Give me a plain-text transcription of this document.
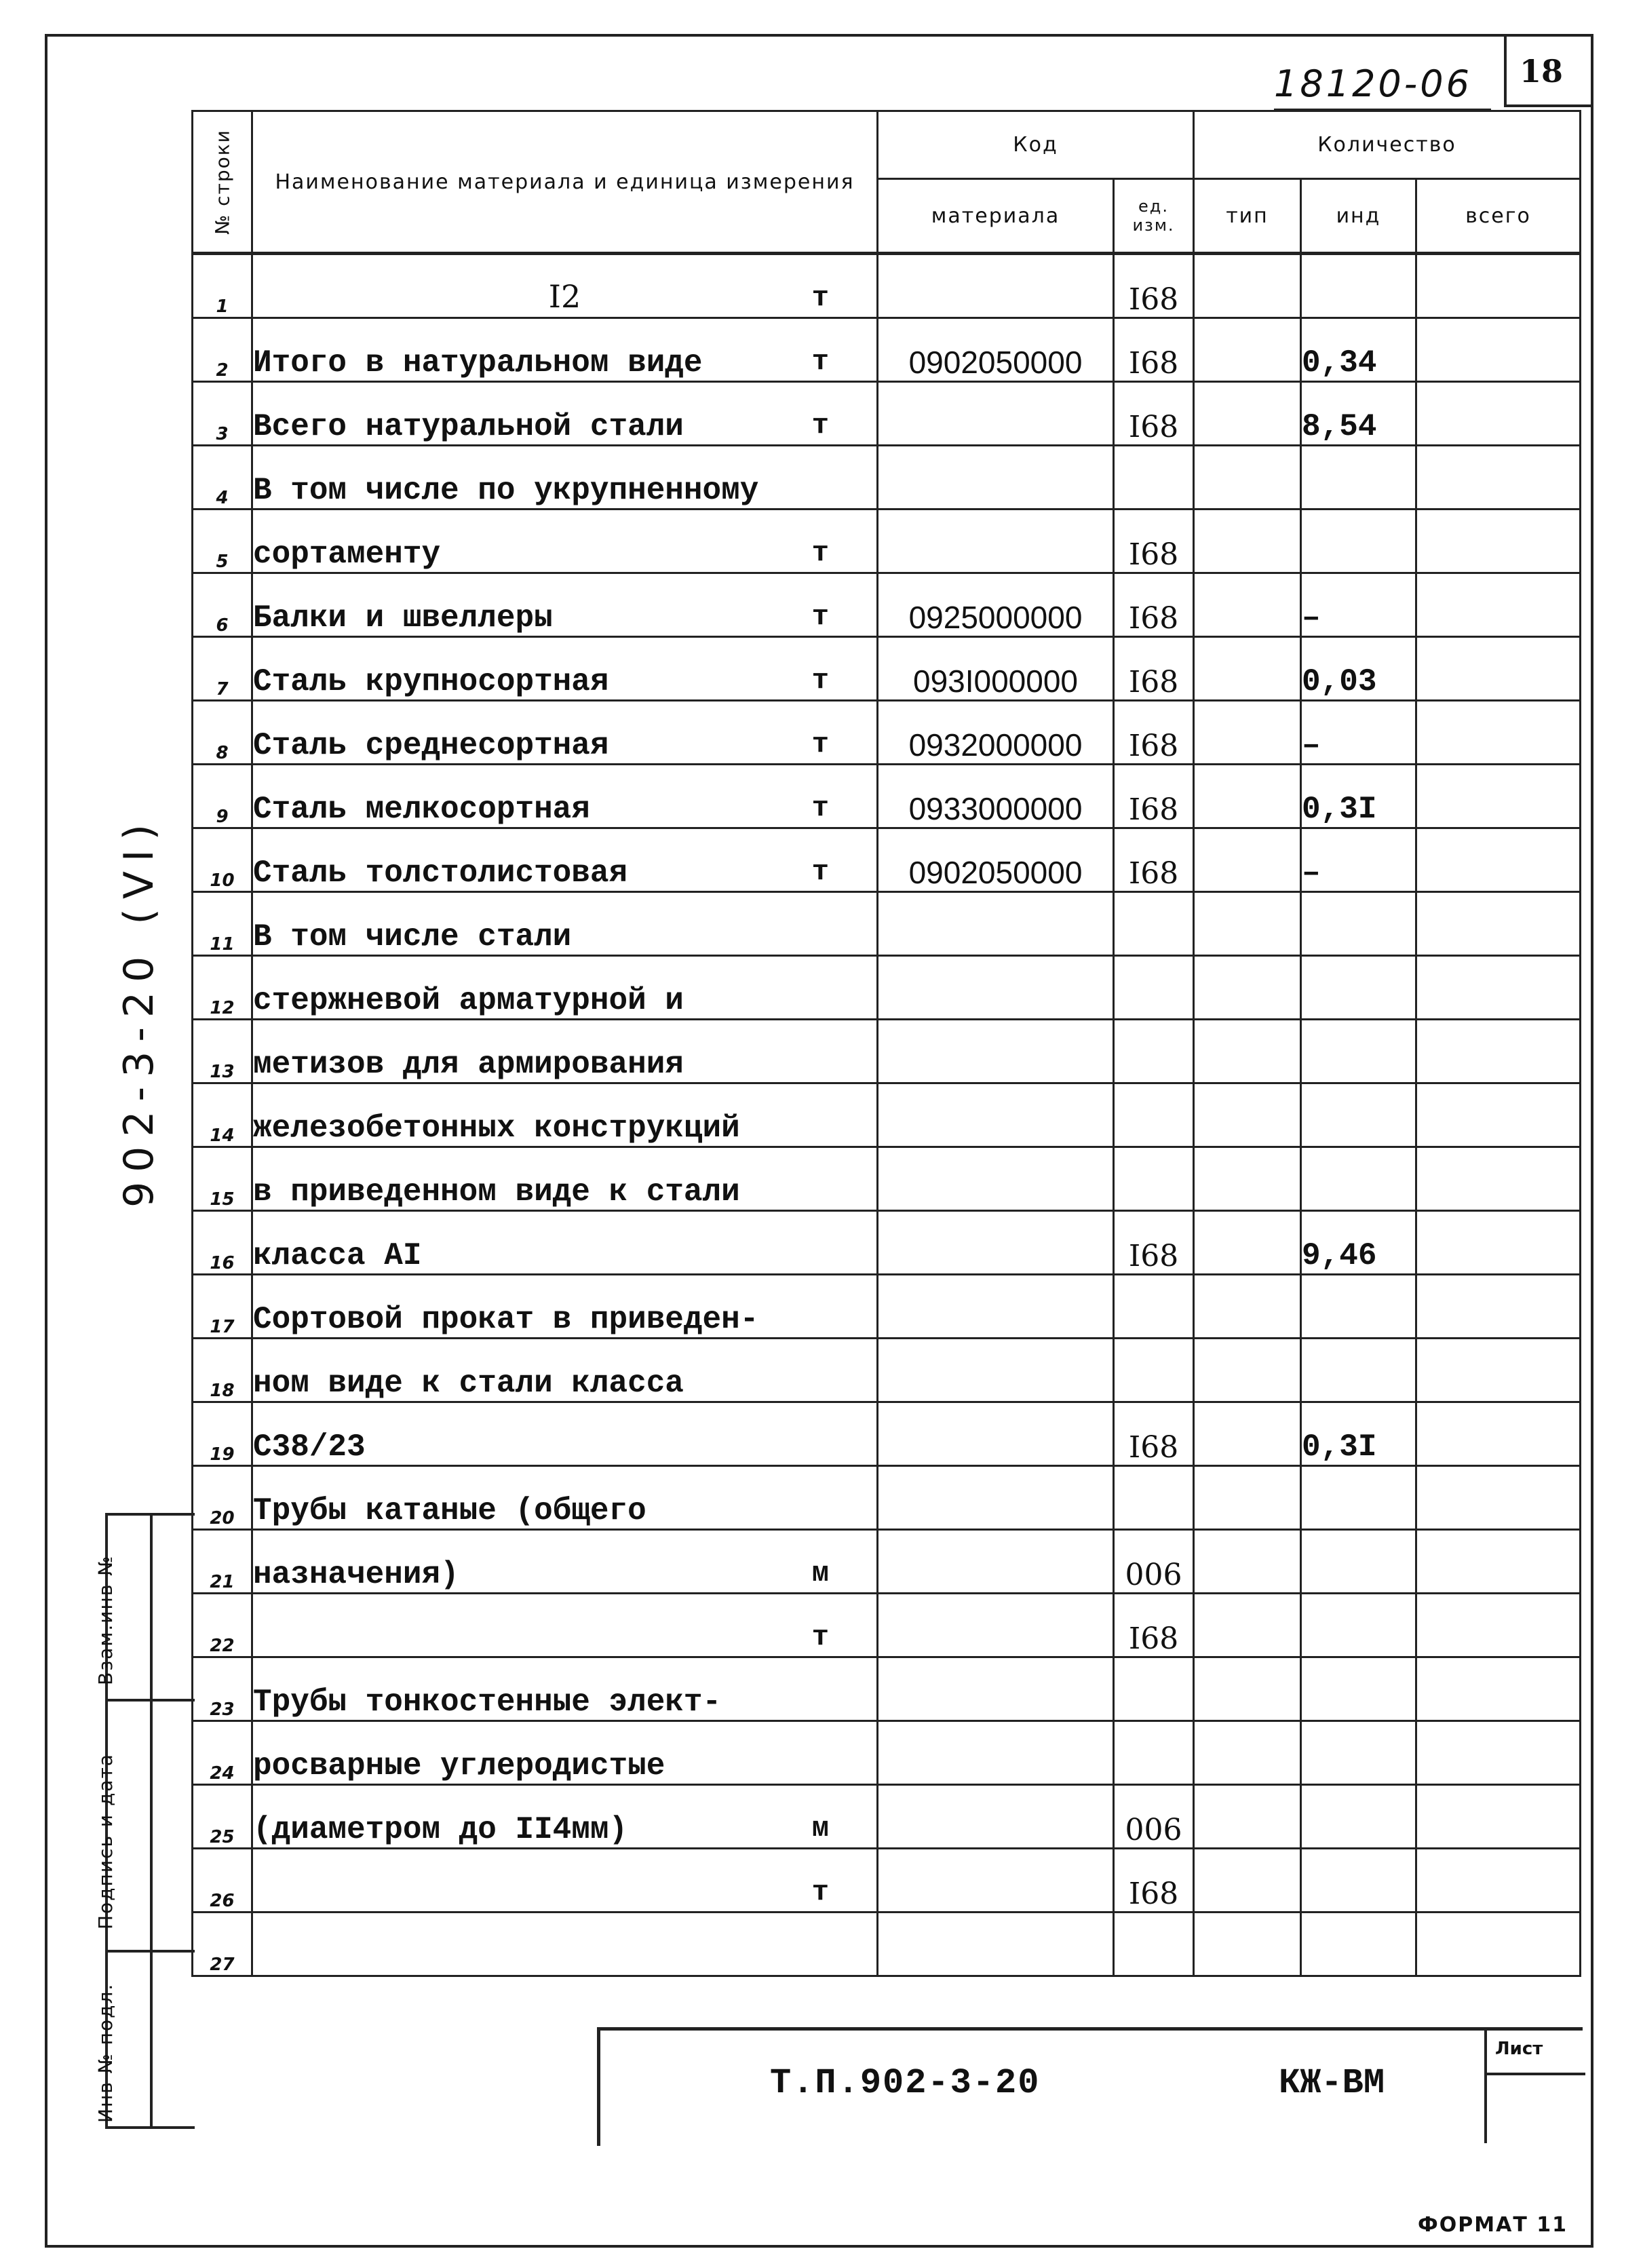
18
18120-06
902-3-20 (VI)
Взам.инв №
Подпись и дата
Инв № подл.
№ строки	Наименование материала и единица измерения	Код		Количество		
		материала	ед. изм.	тип	инд	всего
1	I2 т		I68			
2	Итого в натуральном виде т	0902050000	I68		0,34	
3	Всего натуральной стали т		I68		8,54	
4	В том числе по укрупненному

5	сортаменту т		I68			
6	Балки и швеллеры т	0925000000	I68		–	
7	Сталь крупносортная т	093I000000	I68		0,03	
8	Сталь среднесортная т	0932000000	I68		–	
9	Сталь мелкосортная т	0933000000	I68		0,3I	
10	Сталь толстолистовая т	0902050000	I68		–	
11	В том числе стали

12	стержневой арматурной и

13	метизов для армирования

14	железобетонных конструкций

15	в приведенном виде к стали

16	класса AI		I68		9,46	
17	Сортовой прокат в приведен-

18	ном виде к стали класса

19	С38/23		I68		0,3I	
20	Трубы катаные (общего

21	назначения) м		006			
22	т		I68			
23	Трубы тонкостенные элект-

24	росварные углеродистые

25	(диаметром до II4мм) м		006			
26	т		I68			
27	

Т.П.902-3-20	КЖ-ВМ
Лист
ФОРМАТ 11
